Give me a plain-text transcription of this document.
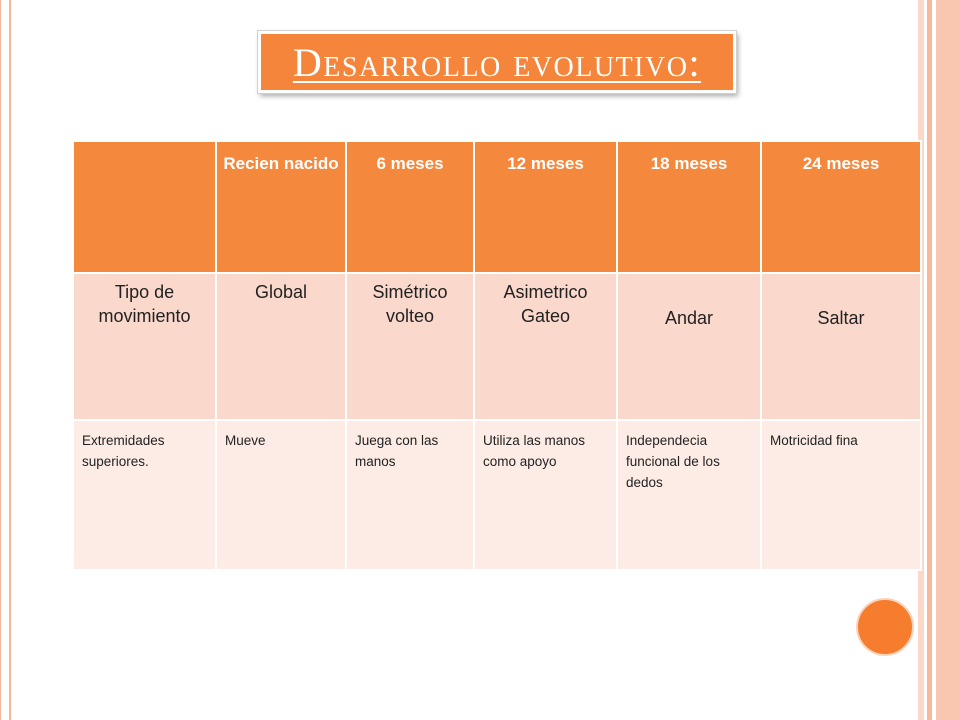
Desarrollo evolutivo:
	Recien nacido	6 meses	12 meses	18 meses	24 meses
Tipo de movimiento	Global	Simétrico volteo	Asimetrico Gateo	Andar	Saltar
Extremidades superiores.	Mueve	Juega con las manos	Utiliza las manos como apoyo	Independecia funcional de los dedos	Motricidad fina
